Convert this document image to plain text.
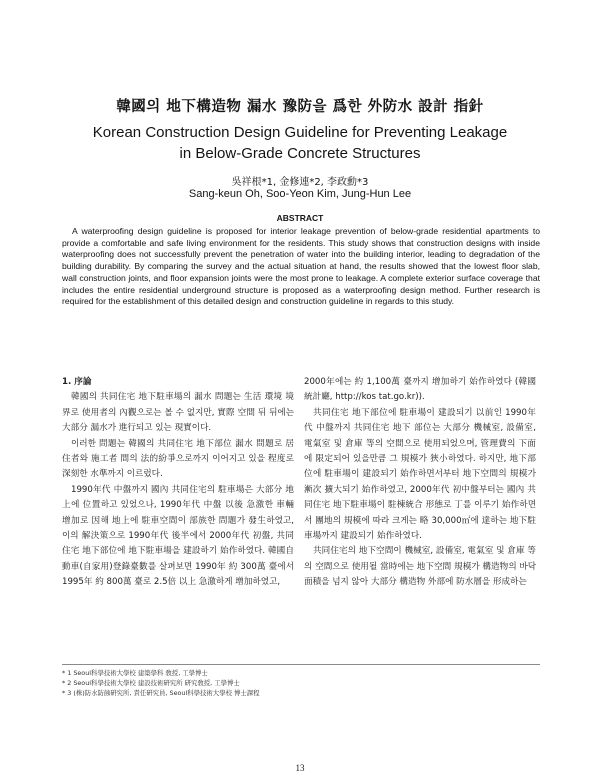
韓國의 地下構造物 漏水 豫防을 爲한 外防水 設計 指針
Korean Construction Design Guideline for Preventing Leakage
in Below-Grade Concrete Structures
吳祥根*1, 金修連*2, 李政勳*3
Sang-keun Oh, Soo-Yeon Kim, Jung-Hun Lee
ABSTRACT

A waterproofing design guideline is proposed for interior leakage prevention of below-grade residential apartments to provide a comfortable and safe living environment for the residents. This study shows that construction designs with inside waterproofing does not successfully prevent the penetration of water into the building interior, leading to degradation of the building durability. By comparing the survey and the actual situation at hand, the results showed that the lowest floor slab, wall construction joints, and floor expansion joints were the most prone to leakage. A complete exterior surface coverage that includes the entire residential underground structure is proposed as a waterproofing design method. Further research is required for the establishment of this detailed design and construction guideline in regards to this study.

1. 序論

韓國의 共同住宅 地下駐車場의 漏水 問題는 生活 環境 境界로 使用者의 內觀으로는 볼 수 없지만, 實際 空間 뒤 뒤에는 大部分 漏水가 進行되고 있는 現實이다.

이러한 問題는 韓國의 共同住宅 地下部位 漏水 問題로 居住者와 施工者 間의 法的紛爭으로까지 이어지고 있을 程度로 深刻한 水準까지 이르렀다.

1990年代 中盤까지 國內 共同住宅의 駐車場은 大部分 地上에 位置하고 있었으나, 1990年代 中盤 以後 急激한 車輛 增加로 因해 地上에 駐車空間이 部族한 問題가 發生하였고, 이의 解決策으로 1990年代 後半에서 2000年代 初盤, 共同住宅 地下部位에 地下駐車場을 建設하기 始作하였다. 韓國自動車(自家用)登錄臺數를 살펴보면 1990年 約 300萬 臺에서 1995年 約 800萬 臺로 2.5倍 以上 急激하게 增加하였고,

2000年에는 約 1,100萬 臺까지 增加하기 始作하였다 (韓國統計廳, http://kos tat.go.kr)).

共同住宅 地下部位에 駐車場이 建設되기 以前인 1990年代 中盤까지 共同住宅 地下 部位는 大部分 機械室, 設備室, 電氣室 및 倉庫 等의 空間으로 使用되었으며, 管理費의 下面에 限定되어 있을만큼 그 規模가 狹小하였다. 하지만, 地下部位에 駐車場이 建設되기 始作하면서부터 地下空間의 規模가 漸次 擴大되기 始作하였고, 2000年代 初中盤부터는 國內 共同住宅 地下駐車場이 駐棟統合 形態로 丁를 이루기 始作하면서 團地의 規模에 따라 크게는 略 30,000㎡에 達하는 地下駐車場까지 建設되기 始作하였다.

共同住宅의 地下空間이 機械室, 設備室, 電氣室 및 倉庫 等의 空間으로 使用될 當時에는 地下空間 規模가 構造物의 바닥 面積을 넘지 않아 大部分 構造物 外部에 防水層을 形成하는

* 1 Seoul科學技術大學校 建築學科 敎授, 工學博士
* 2 Seoul科學技術大學校 建設技術硏究所 硏究敎授, 工學博士
* 3 (株)防水防蝕硏究所, 責任硏究員, Seoul科學技術大學校 博士課程
13
